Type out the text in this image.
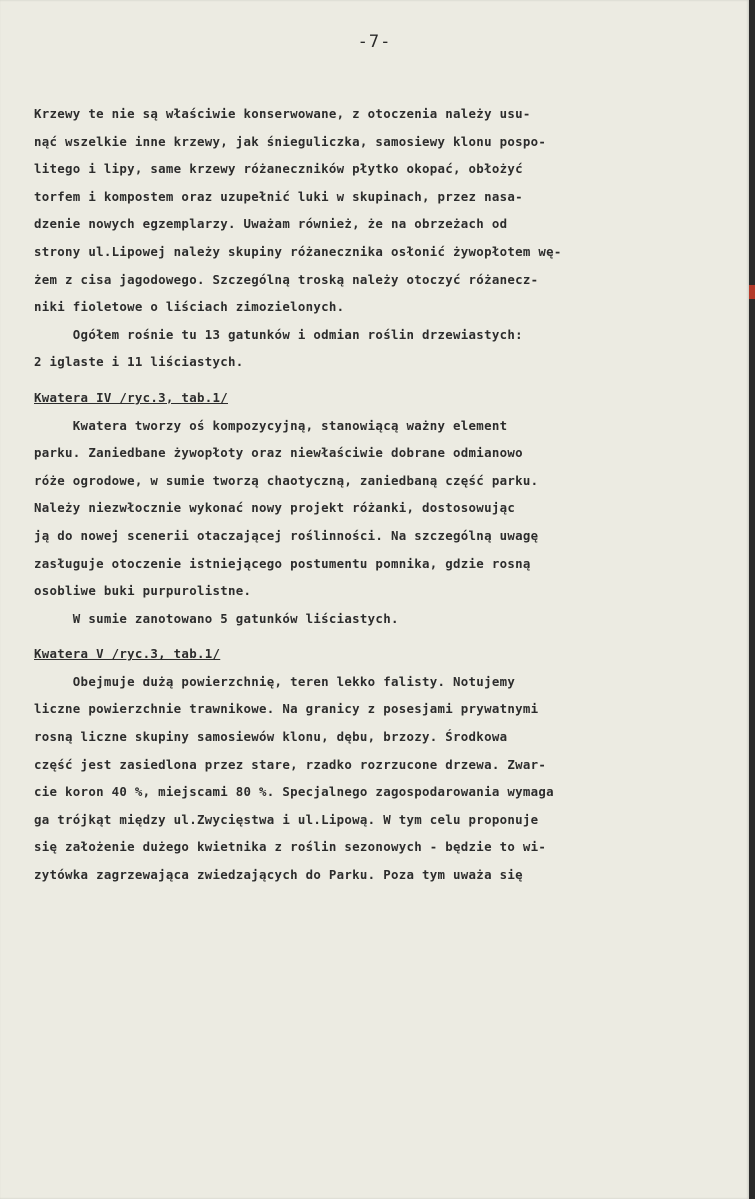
-7-
Krzewy te nie są właściwie konserwowane, z otoczenia należy usu-
nąć wszelkie inne krzewy, jak śnieguliczka, samosiewy klonu pospo-
litego i lipy, same krzewy różaneczników płytko okopać, obłożyć
torfem i kompostem oraz uzupełnić luki w skupinach, przez nasa-
dzenie nowych egzemplarzy. Uważam również, że na obrzeżach od
strony ul.Lipowej należy skupiny różanecznika osłonić żywopłotem wę-
żem z cisa jagodowego. Szczególną troską należy otoczyć różanecz-
niki fioletowe o liściach zimozielonych.
Ogółem rośnie tu 13 gatunków i odmian roślin drzewiastych:
2 iglaste i 11 liściastych.
Kwatera IV /ryc.3, tab.1/
Kwatera tworzy oś kompozycyjną, stanowiącą ważny element
parku. Zaniedbane żywopłoty oraz niewłaściwie dobrane odmianowo
róże ogrodowe, w sumie tworzą chaotyczną, zaniedbaną część parku.
Należy niezwłocznie wykonać nowy projekt różanki, dostosowując
ją do nowej scenerii otaczającej roślinności. Na szczególną uwagę
zasługuje otoczenie istniejącego postumentu pomnika, gdzie rosną
osobliwe buki purpurolistne.
W sumie zanotowano 5 gatunków liściastych.
Kwatera V /ryc.3, tab.1/
Obejmuje dużą powierzchnię, teren lekko falisty. Notujemy
liczne powierzchnie trawnikowe. Na granicy z posesjami prywatnymi
rosną liczne skupiny samosiewów klonu, dębu, brzozy. Środkowa
część jest zasiedlona przez stare, rzadko rozrzucone drzewa. Zwar-
cie koron 40 %, miejscami 80 %. Specjalnego zagospodarowania wymaga
ga trójkąt między ul.Zwycięstwa i ul.Lipową. W tym celu proponuje
się założenie dużego kwietnika z roślin sezonowych - będzie to wi-
zytówka zagrzewająca zwiedzających do Parku. Poza tym uważa się
